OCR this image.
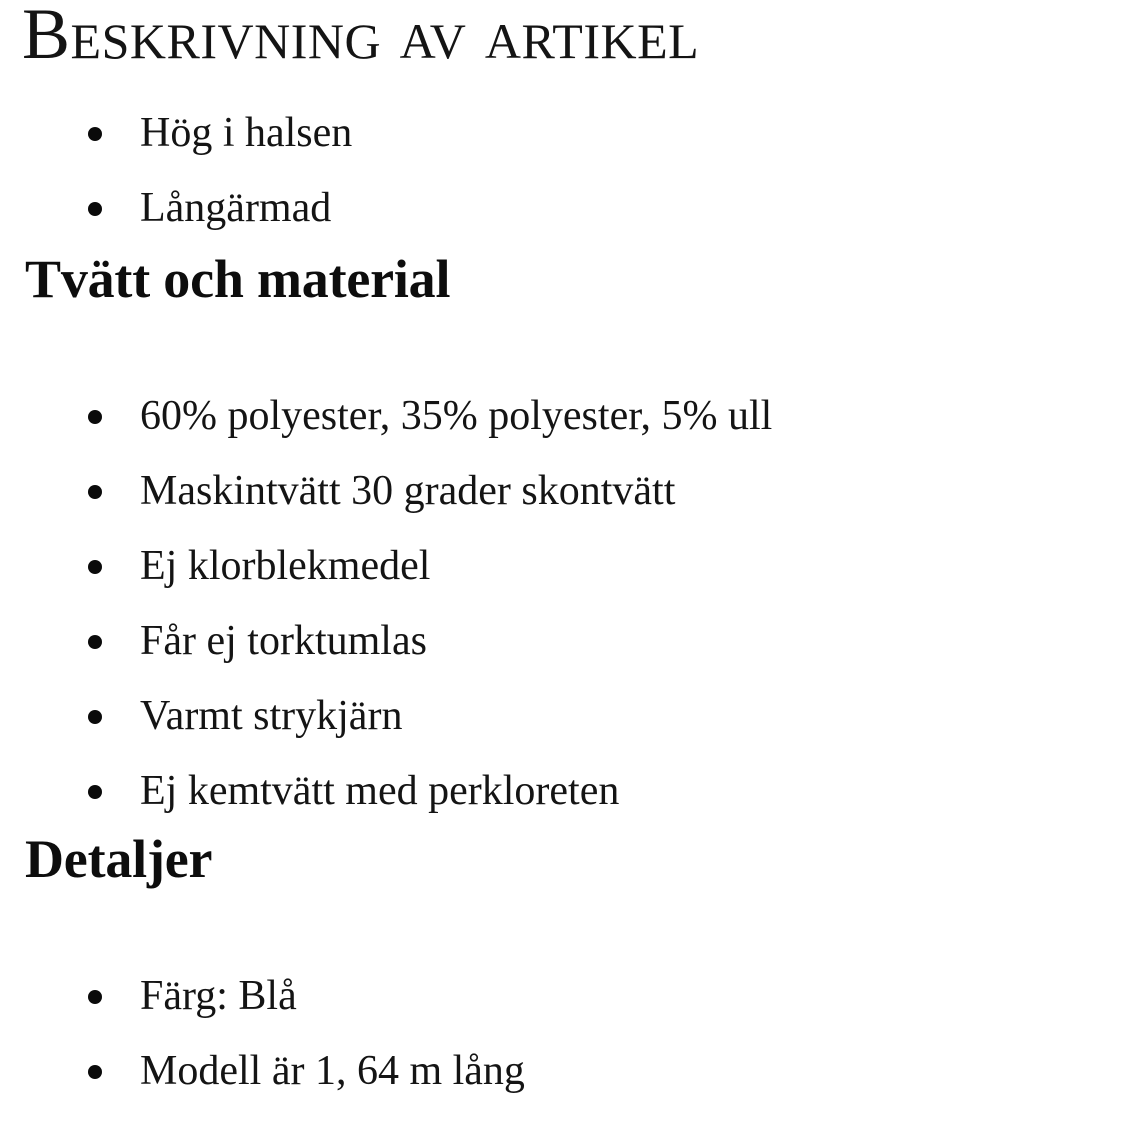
Beskrivning av artikel
Hög i halsen
Långärmad
Tvätt och material
60% polyester, 35% polyester, 5% ull
Maskintvätt 30 grader skontvätt
Ej klorblekmedel
Får ej torktumlas
Varmt strykjärn
Ej kemtvätt med perkloreten
Detaljer
Färg: Blå
Modell är 1, 64 m lång
